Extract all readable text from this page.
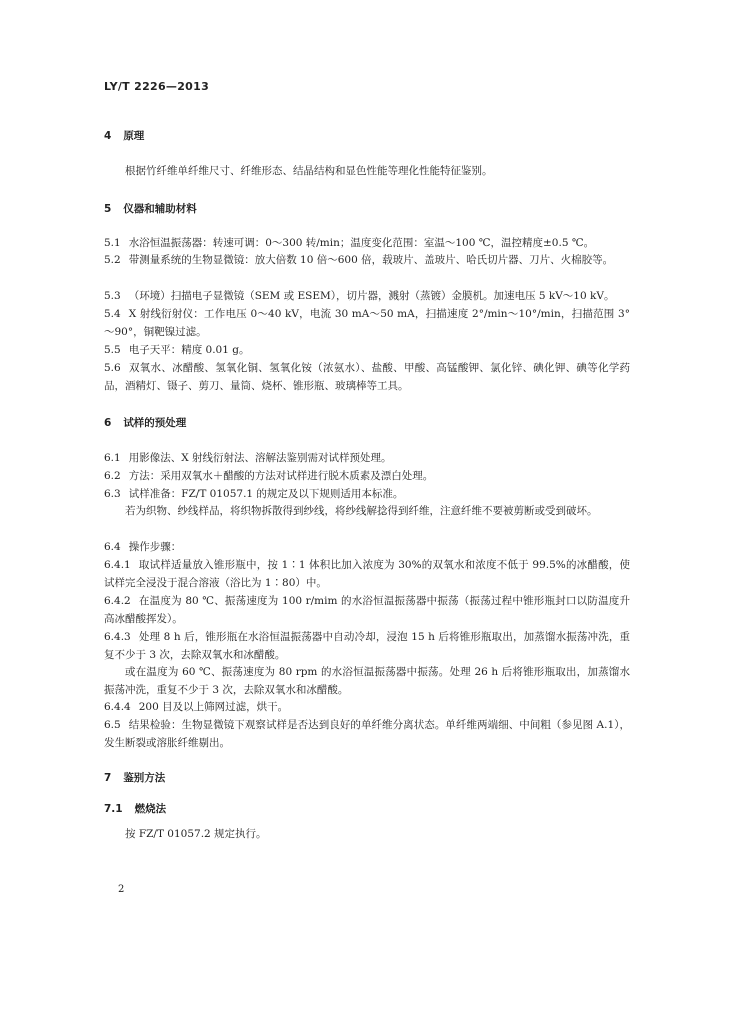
LY/T 2226—2013
4 原理
根据竹纤维单纤维尺寸、纤维形态、结晶结构和显色性能等理化性能特征鉴别。
5 仪器和辅助材料
5.1 水浴恒温振荡器：转速可调：0～300 转/min；温度变化范围：室温～100 ℃，温控精度±0.5 ℃。
5.2 带测量系统的生物显微镜：放大倍数 10 倍～600 倍，载玻片、盖玻片、哈氏切片器、刀片、火棉胶等。
5.3 （环境）扫描电子显微镜（SEM 或 ESEM），切片器，溅射（蒸镀）金膜机。加速电压 5 kV～10 kV。
5.4 X 射线衍射仪：工作电压 0～40 kV，电流 30 mA～50 mA，扫描速度 2°/min～10°/min，扫描范围 3°～90°，铜靶镍过滤。
5.5 电子天平：精度 0.01 g。
5.6 双氧水、冰醋酸、氢氧化铜、氢氧化铵（浓氨水）、盐酸、甲酸、高锰酸钾、氯化锌、碘化钾、碘等化学药品，酒精灯、镊子、剪刀、量筒、烧杯、锥形瓶、玻璃棒等工具。
6 试样的预处理
6.1 用影像法、X 射线衍射法、溶解法鉴别需对试样预处理。
6.2 方法：采用双氧水＋醋酸的方法对试样进行脱木质素及漂白处理。
6.3 试样准备：FZ/T 01057.1 的规定及以下规则适用本标准。
若为织物、纱线样品，将织物拆散得到纱线，将纱线解捻得到纤维，注意纤维不要被剪断或受到破坏。
6.4 操作步骤：
6.4.1 取试样适量放入锥形瓶中，按 1∶1 体积比加入浓度为 30%的双氧水和浓度不低于 99.5%的冰醋酸，使试样完全浸没于混合溶液（浴比为 1∶80）中。
6.4.2 在温度为 80 ℃、振荡速度为 100 r/mim 的水浴恒温振荡器中振荡（振荡过程中锥形瓶封口以防温度升高冰醋酸挥发）。
6.4.3 处理 8 h 后，锥形瓶在水浴恒温振荡器中自动冷却，浸泡 15 h 后将锥形瓶取出，加蒸馏水振荡冲洗，重复不少于 3 次，去除双氧水和冰醋酸。
或在温度为 60 ℃、振荡速度为 80 rpm 的水浴恒温振荡器中振荡。处理 26 h 后将锥形瓶取出，加蒸馏水振荡冲洗，重复不少于 3 次，去除双氧水和冰醋酸。
6.4.4 200 目及以上筛网过滤，烘干。
6.5 结果检验：生物显微镜下观察试样是否达到良好的单纤维分离状态。单纤维两端细、中间粗（参见图 A.1），发生断裂或溶胀纤维剔出。
7 鉴别方法
7.1 燃烧法
按 FZ/T 01057.2 规定执行。
2
